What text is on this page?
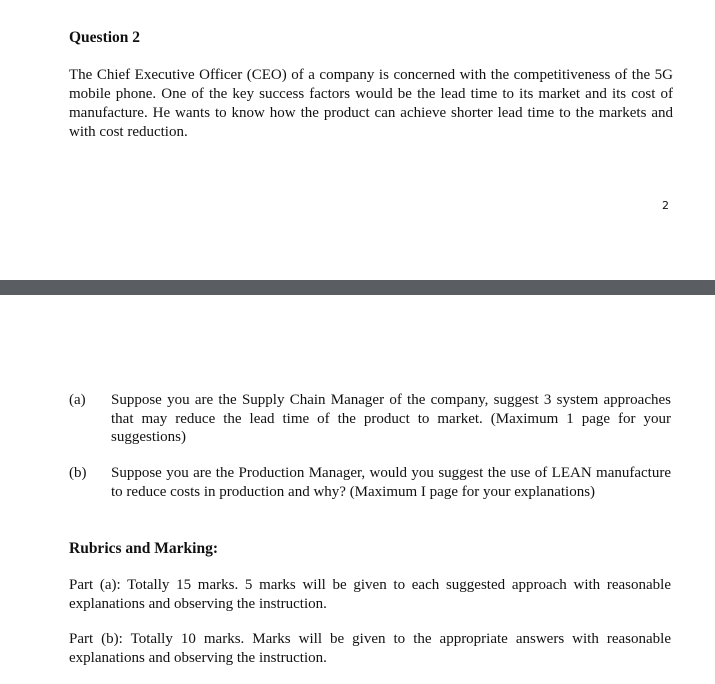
Question 2

The Chief Executive Officer (CEO) of a company is concerned with the competitiveness of the 5G mobile phone. One of the key success factors would be the lead time to its market and its cost of manufacture. He wants to know how the product can achieve shorter lead time to the markets and with cost reduction.

2

(a) Suppose you are the Supply Chain Manager of the company, suggest 3 system approaches that may reduce the lead time of the product to market. (Maximum 1 page for your suggestions)
(b) Suppose you are the Production Manager, would you suggest the use of LEAN manufacture to reduce costs in production and why? (Maximum I page for your explanations)
Rubrics and Marking:

Part (a): Totally 15 marks. 5 marks will be given to each suggested approach with reasonable explanations and observing the instruction.

Part (b): Totally 10 marks. Marks will be given to the appropriate answers with reasonable explanations and observing the instruction.
